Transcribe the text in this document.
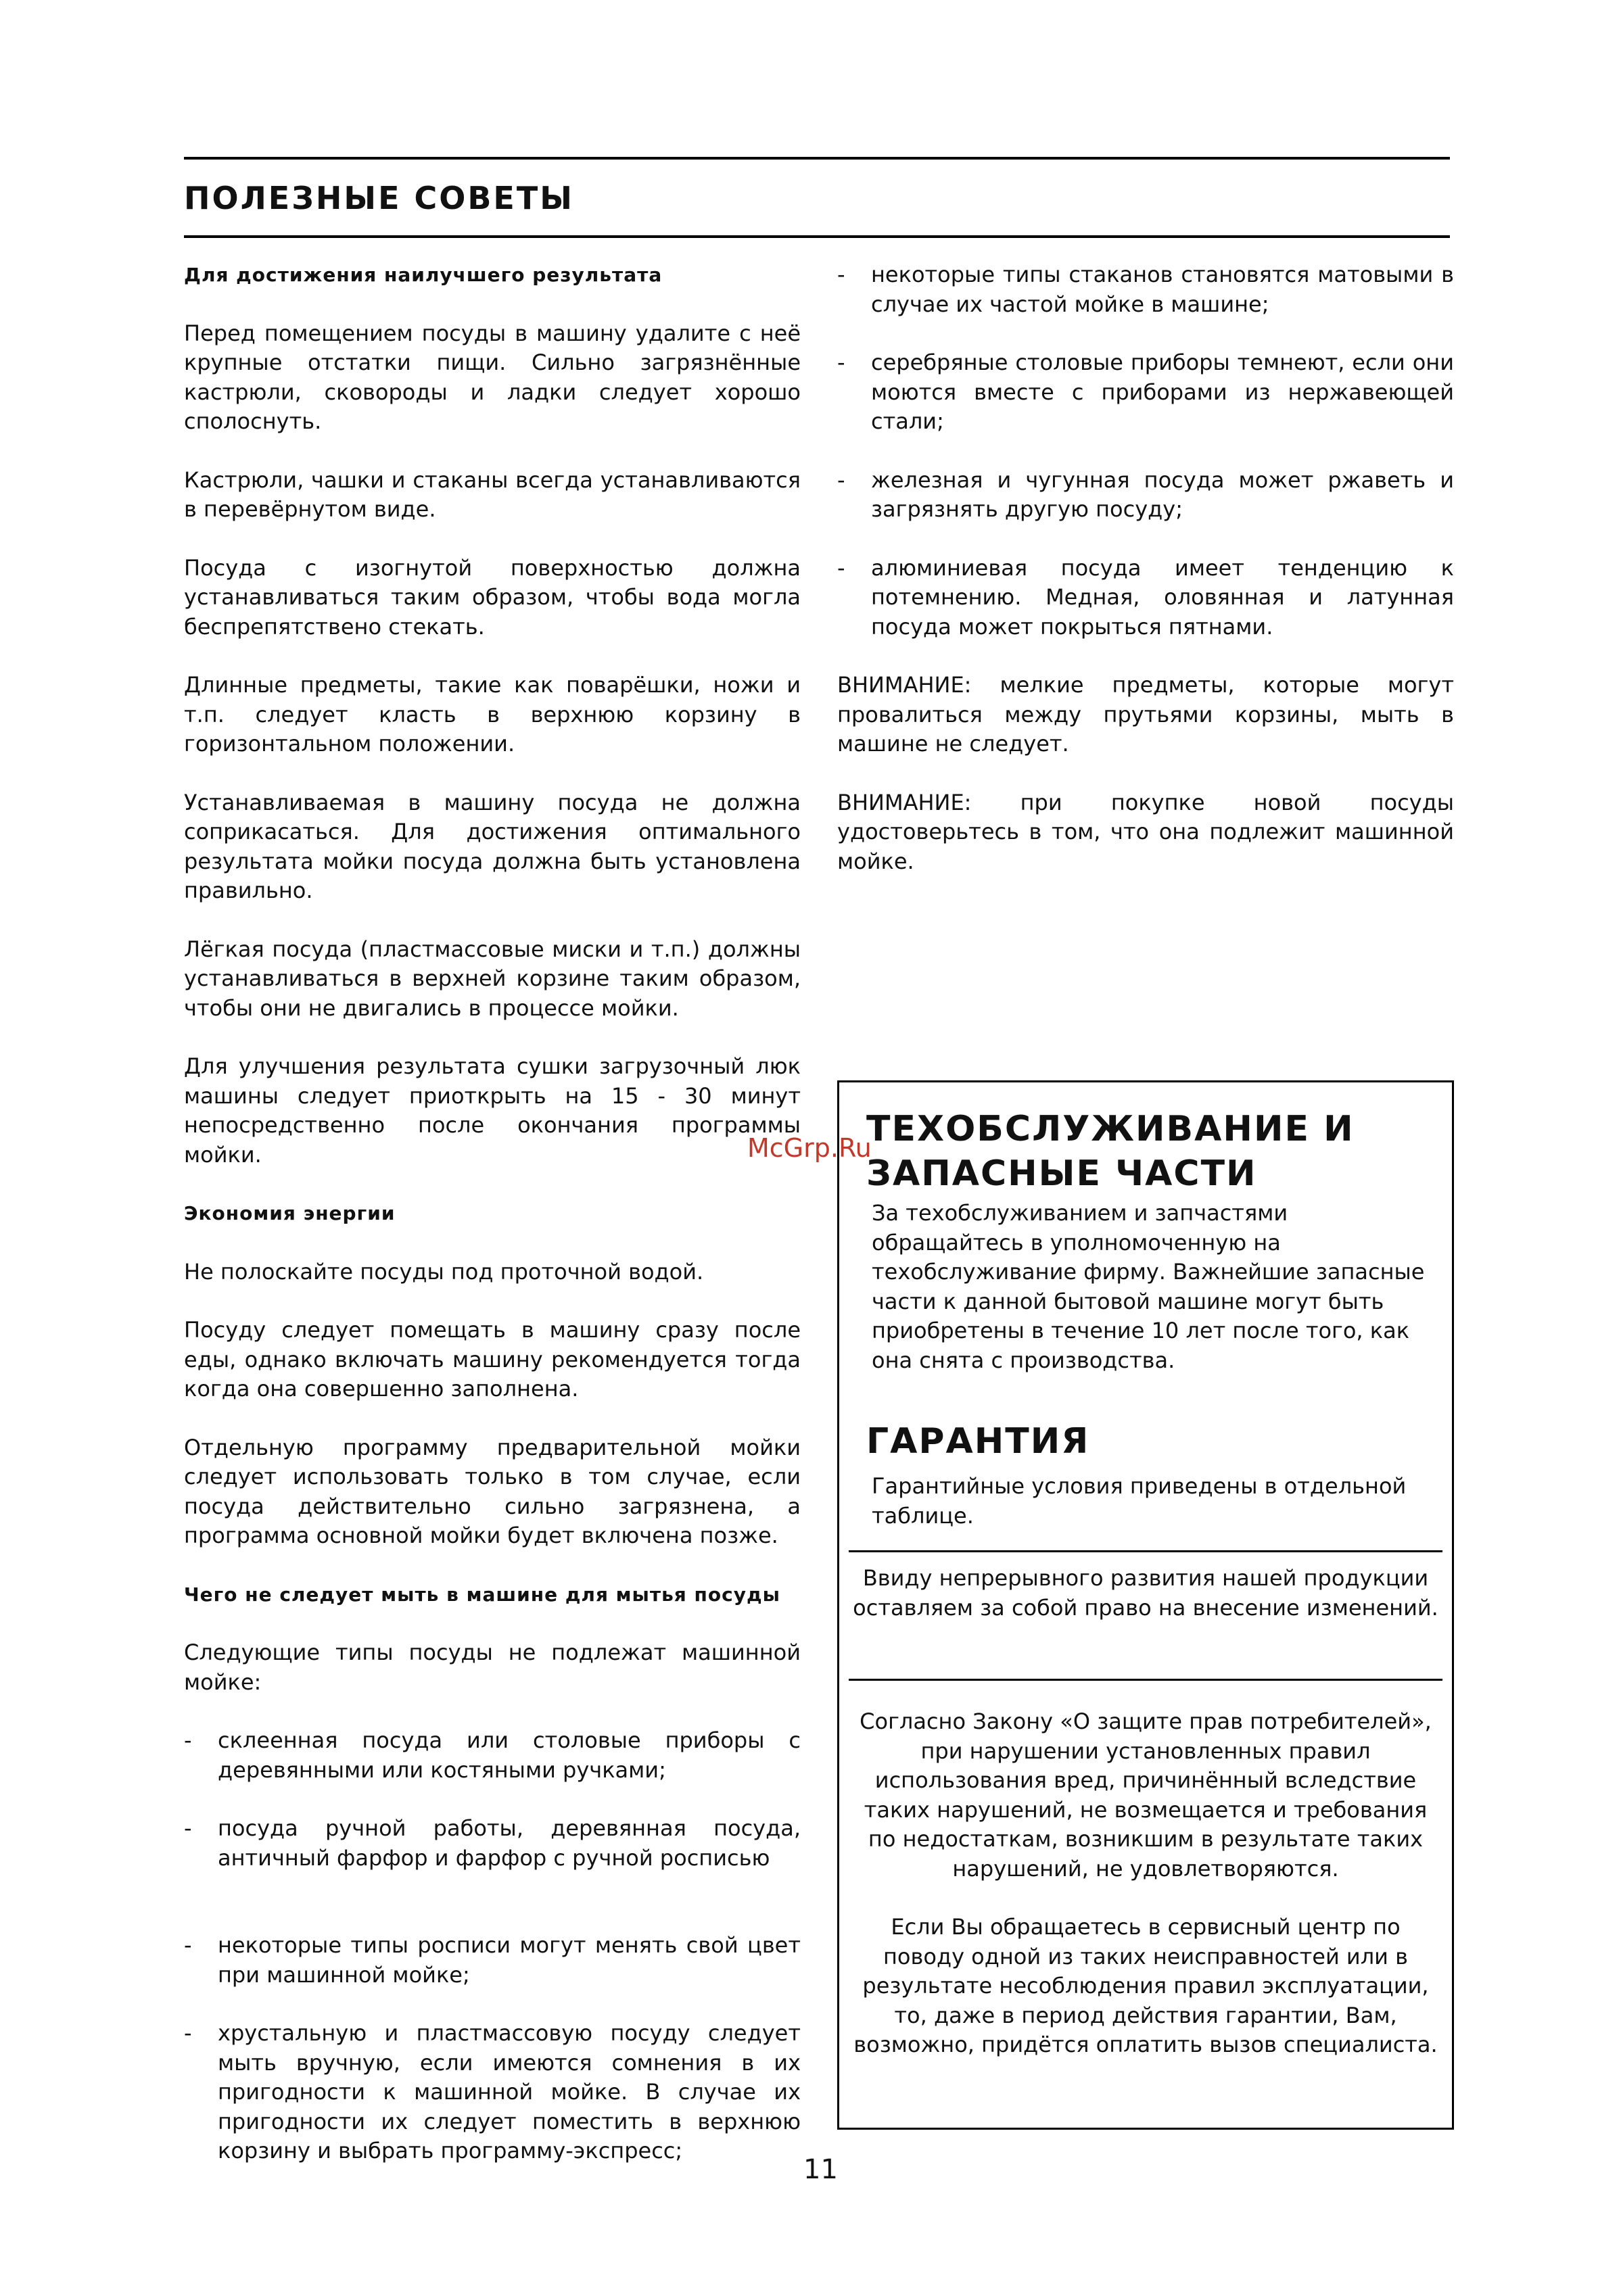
ПОЛЕЗНЫЕ СОВЕТЫ

Для достижения наилучшего результата

Перед помещением посуды в машину удалите с неё крупные отстатки пищи. Сильно загрязнённые кастрюли, сковороды и ладки следует хорошо сполоснуть.

Кастрюли, чашки и стаканы всегда устанавливаются в перевёрнутом виде.

Посуда с изогнутой поверхностью должна устанавливаться таким образом, чтобы вода могла беспрепятствено стекать.

Длинные предметы, такие как поварёшки, ножи и т.п. следует класть в верхнюю корзину в горизонтальном положении.

Устанавливаемая в машину посуда не должна соприкасаться. Для достижения оптимального результата мойки посуда должна быть установлена правильно.

Лёгкая посуда (пластмассовые миски и т.п.) должны устанавливаться в верхней корзине таким образом, чтобы они не двигались в процессе мойки.

Для улучшения результата сушки загрузочный люк машины следует приоткрыть на 15 - 30 минут непосредственно после окончания программы мойки.

Экономия энергии

Не полоскайте посуды под проточной водой.

Посуду следует помещать в машину сразу после еды, однако включать машину рекомендуется тогда когда она совершенно заполнена.

Отдельную программу предварительной мойки следует использовать только в том случае, если посуда действительно сильно загрязнена, а программа основной мойки будет включена позже.

Чего не следует мыть в машине для мытья посуды

Следующие типы посуды не подлежат машинной мойке:

- склеенная посуда или столовые приборы с деревянными или костяными ручками;
- посуда ручной работы, деревянная посуда, античный фарфор и фарфор с ручной росписью
- некоторые типы росписи могут менять свой цвет при машинной мойке;
- хрустальную и пластмассовую посуду следует мыть вручную, если имеются сомнения в их пригодности к машинной мойке. В случае их пригодности их следует поместить в верхнюю корзину и выбрать программу-экспресс;
- некоторые типы стаканов становятся матовыми в случае их частой мойке в машине;
- серебряные столовые приборы темнеют, если они моются вместе с приборами из нержавеющей стали;
- железная и чугунная посуда может ржаветь и загрязнять другую посуду;
- алюминиевая посуда имеет тенденцию к потемнению. Медная, оловянная и латунная посуда может покрыться пятнами.

ВНИМАНИЕ: мелкие предметы, которые могут провалиться между прутьями корзины, мыть в машине не следует.

ВНИМАНИЕ: при покупке новой посуды удостоверьтесь в том, что она подлежит машинной мойке.

ТЕХОБСЛУЖИВАНИЕ И
ЗАПАСНЫЕ ЧАСТИ

За техобслуживанием и запчастями обращайтесь в уполномоченную на техобслуживание фирму. Важнейшие запасные части к данной бытовой машине могут быть приобретены в течение 10 лет после того, как она снята с производства.

ГАРАНТИЯ

Гарантийные условия приведены в отдельной таблице.

Ввиду непрерывного развития нашей продукции оставляем за собой право на внесение изменений.

Согласно Закону «О защите прав потребителей», при нарушении установленных правил использования вред, причинённый вследствие таких нарушений, не возмещается и требования по недостаткам, возникшим в результате таких нарушений, не удовлетворяются.

Если Вы обращаетесь в сервисный центр по поводу одной из таких неисправностей или в результате несоблюдения правил эксплуатации, то, даже в период действия гарантии, Вам, возможно, придётся оплатить вызов специалиста.

McGrp.Ru
11
